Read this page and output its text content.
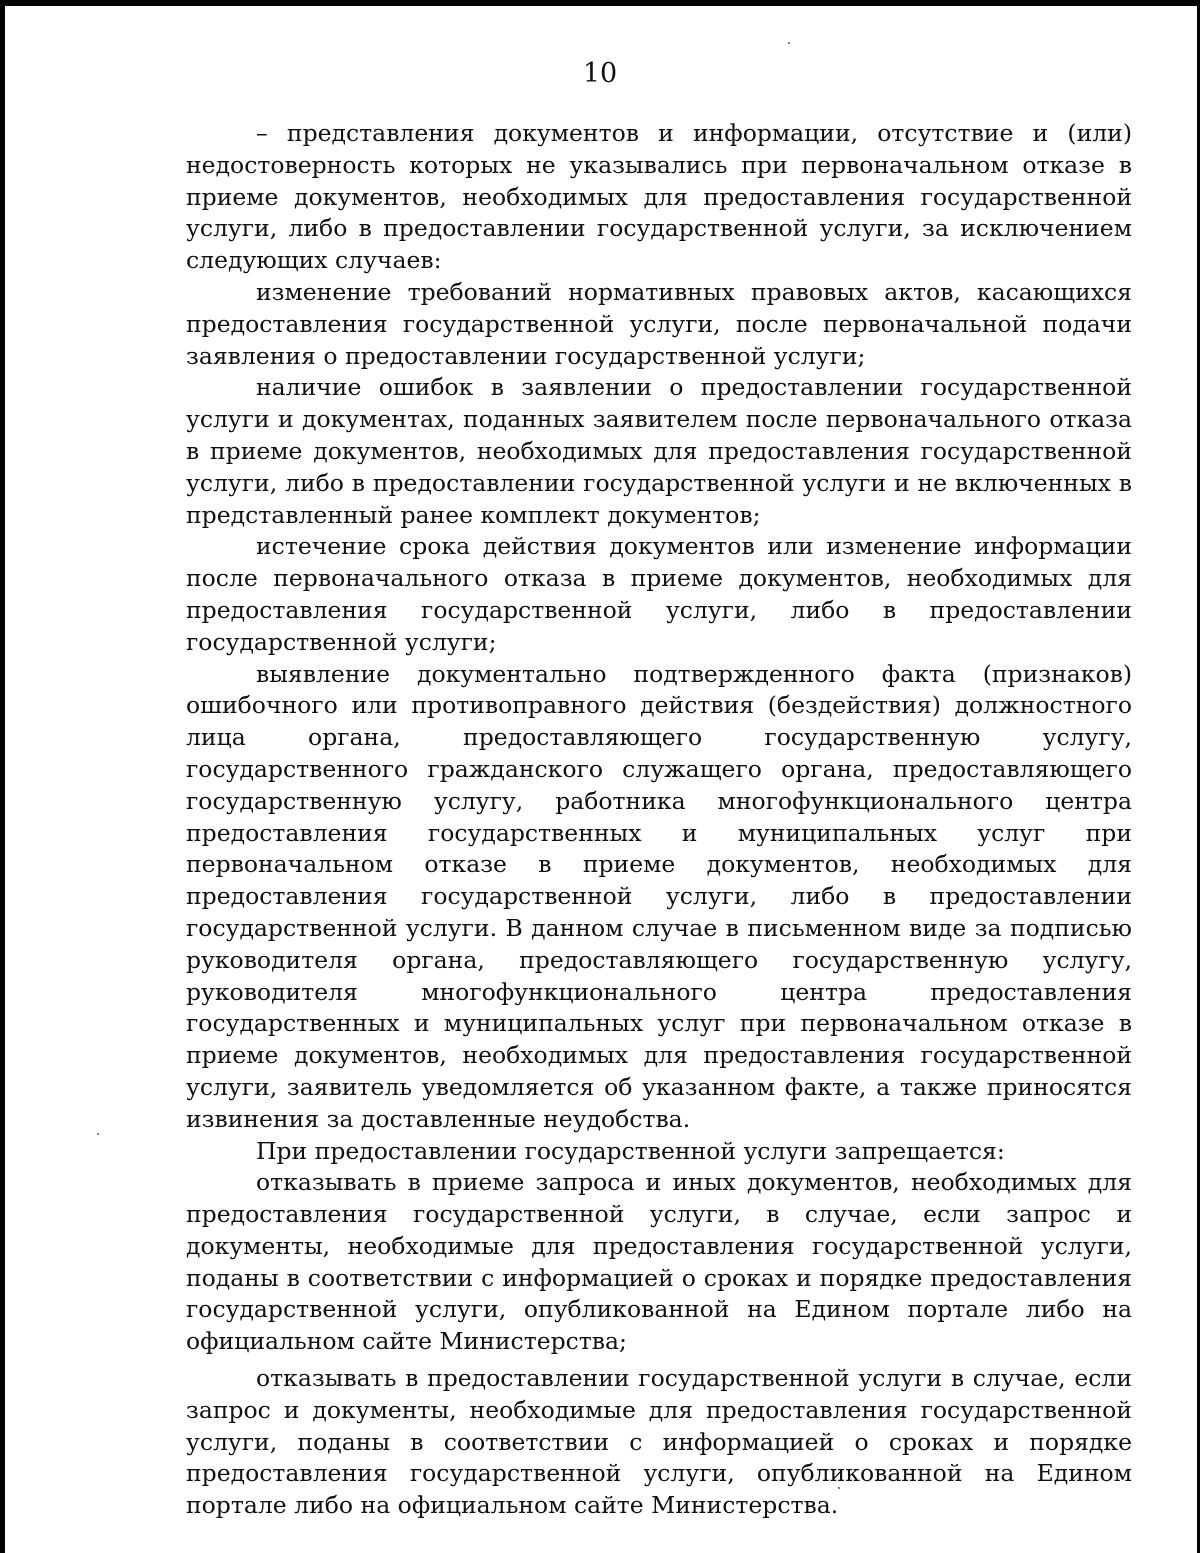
10

– представления документов и информации, отсутствие и (или) недостоверность которых не указывались при первоначальном отказе в приеме документов, необходимых для предоставления государственной услуги, либо в предоставлении государственной услуги, за исключением следующих случаев:

изменение требований нормативных правовых актов, касающихся предоставления государственной услуги, после первоначальной подачи заявления о предоставлении государственной услуги;

наличие ошибок в заявлении о предоставлении государственной услуги и документах, поданных заявителем после первоначального отказа в приеме документов, необходимых для предоставления государственной услуги, либо в предоставлении государственной услуги и не включенных в представленный ранее комплект документов;

истечение срока действия документов или изменение информации после первоначального отказа в приеме документов, необходимых для предоставления государственной услуги, либо в предоставлении государственной услуги;

выявление документально подтвержденного факта (признаков) ошибочного или противоправного действия (бездействия) должностного лица органа, предоставляющего государственную услугу, государственного гражданского служащего органа, предоставляющего государственную услугу, работника многофункционального центра предоставления государственных и муниципальных услуг при первоначальном отказе в приеме документов, необходимых для предоставления государственной услуги, либо в предоставлении государственной услуги. В данном случае в письменном виде за подписью руководителя органа, предоставляющего государственную услугу, руководителя многофункционального центра предоставления государственных и муниципальных услуг при первоначальном отказе в приеме документов, необходимых для предоставления государственной услуги, заявитель уведомляется об указанном факте, а также приносятся извинения за доставленные неудобства.

При предоставлении государственной услуги запрещается:

отказывать в приеме запроса и иных документов, необходимых для предоставления государственной услуги, в случае, если запрос и документы, необходимые для предоставления государственной услуги, поданы в соответствии с информацией о сроках и порядке предоставления государственной услуги, опубликованной на Едином портале либо на официальном сайте Министерства;

отказывать в предоставлении государственной услуги в случае, если запрос и документы, необходимые для предоставления государственной услуги, поданы в соответствии с информацией о сроках и порядке предоставления государственной услуги, опубликованной на Едином портале либо на официальном сайте Министерства.
